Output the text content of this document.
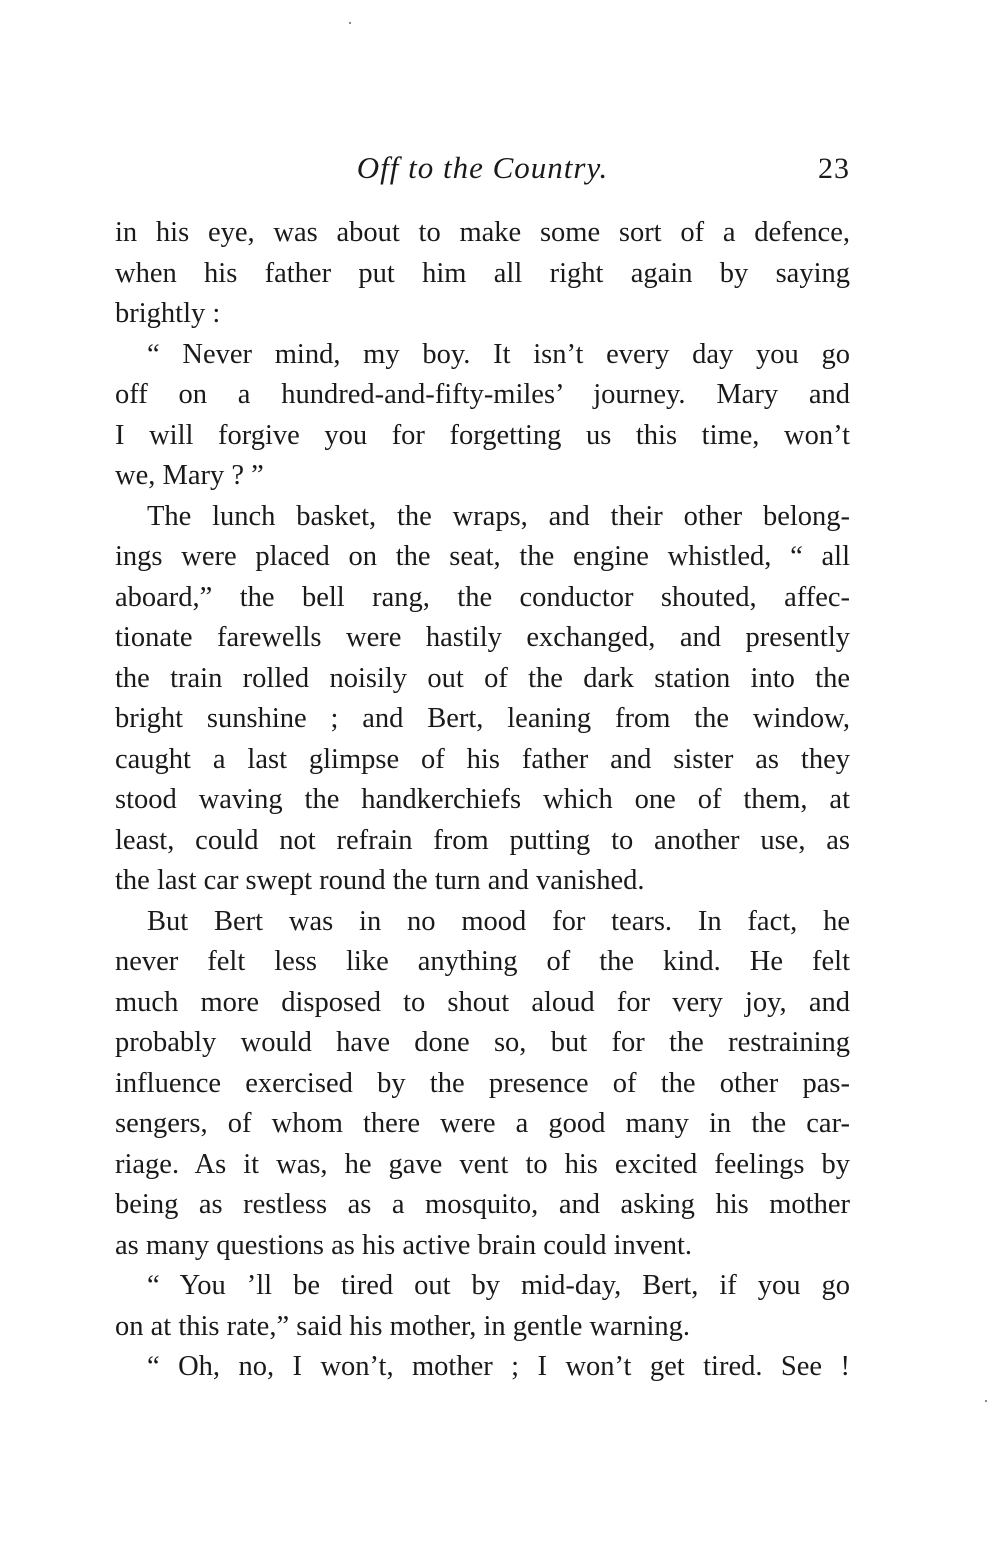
Off to the Country.	23
in his eye, was about to make some sort of a defence,
when his father put him all right again by saying
brightly :
“ Never mind, my boy. It isn’t every day you go
off on a hundred-and-fifty-miles’ journey. Mary and
I will forgive you for forgetting us this time, won’t
we, Mary ? ”
The lunch basket, the wraps, and their other belong-
ings were placed on the seat, the engine whistled, “ all
aboard,” the bell rang, the conductor shouted, affec-
tionate farewells were hastily exchanged, and presently
the train rolled noisily out of the dark station into the
bright sunshine ; and Bert, leaning from the window,
caught a last glimpse of his father and sister as they
stood waving the handkerchiefs which one of them, at
least, could not refrain from putting to another use, as
the last car swept round the turn and vanished.
But Bert was in no mood for tears. In fact, he
never felt less like anything of the kind. He felt
much more disposed to shout aloud for very joy, and
probably would have done so, but for the restraining
influence exercised by the presence of the other pas-
sengers, of whom there were a good many in the car-
riage. As it was, he gave vent to his excited feelings by
being as restless as a mosquito, and asking his mother
as many questions as his active brain could invent.
“ You ’ll be tired out by mid-day, Bert, if you go
on at this rate,” said his mother, in gentle warning.
“ Oh, no, I won’t, mother ; I won’t get tired. See !
